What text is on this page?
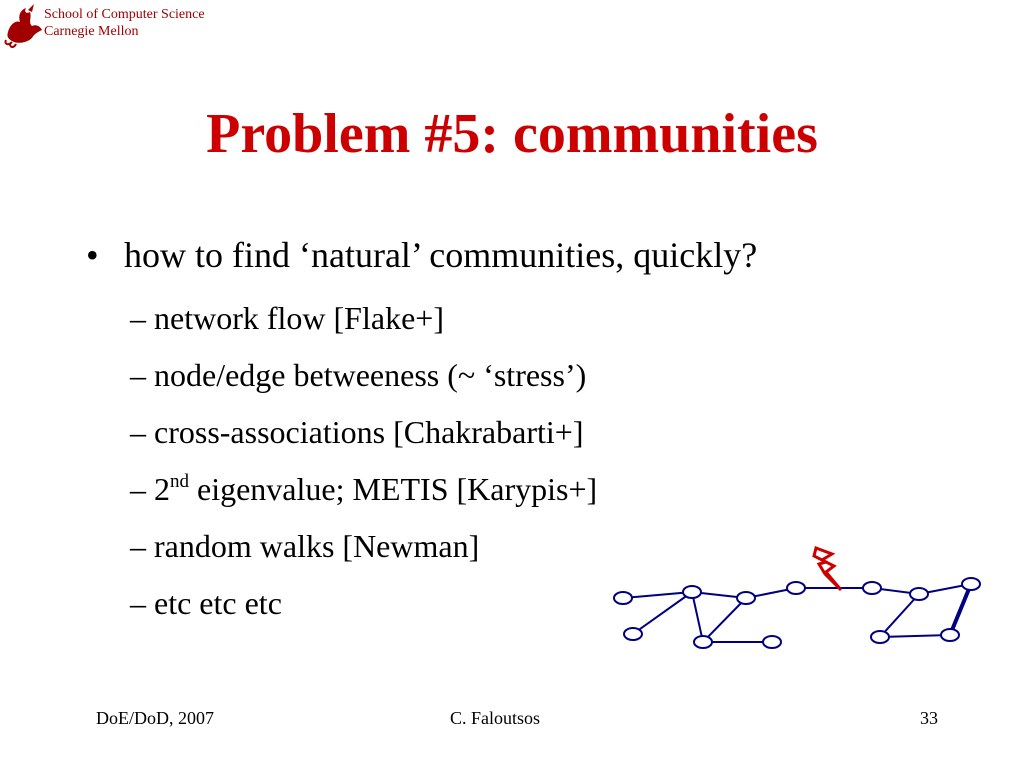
School of Computer Science
Carnegie Mellon
Problem #5: communities
• how to find ‘natural’ communities, quickly?
– network flow [Flake+]
– node/edge betweeness (~ ‘stress’)
– cross-associations [Chakrabarti+]
– 2nd eigenvalue; METIS [Karypis+]
– random walks [Newman]
– etc etc etc
DoE/DoD, 2007	C. Faloutsos	33
